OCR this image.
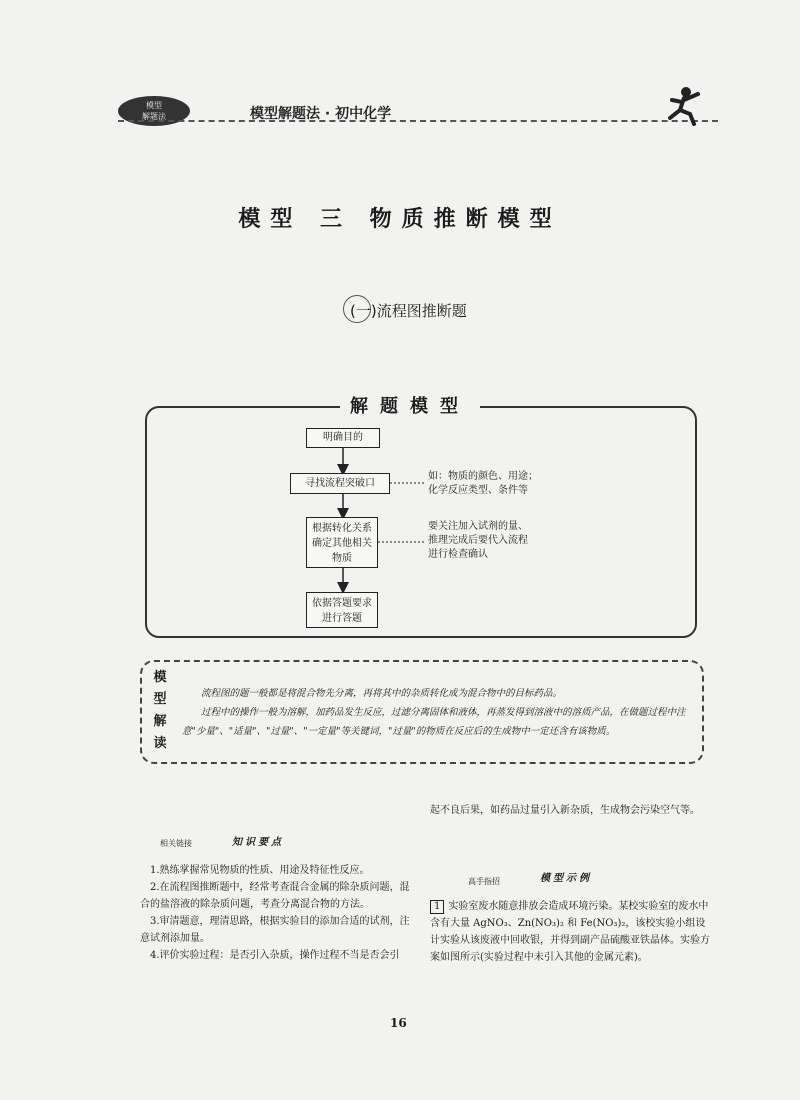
模型
解题法	模型解题法 · 初中化学
模型 三 物质推断模型
(一)流程图推断题
解题模型
明确目的
寻找流程突破口
根据转化关系确定其他相关物质
依据答题要求进行答题
如：物质的颜色、用途；
化学反应类型、条件等
要关注加入试剂的量、
推理完成后要代入流程
进行检查确认
模
型
解
读
流程图的题一般都是将混合物先分离，再将其中的杂质转化成为混合物中的目标药品。
过程中的操作一般为溶解，加药品发生反应，过滤分离固体和液体，再蒸发得到溶液中的溶质产品，在做题过程中注意"少量"、"适量"、"过量"、"一定量"等关键词，"过量"的物质在反应后的生成物中一定还含有该物质。
相关链接	知识要点
1.熟练掌握常见物质的性质、用途及特征性反应。
2.在流程图推断题中，经常考查混合金属的除杂质问题，混合的盐溶液的除杂质问题，考查分离混合物的方法。
3.审清题意，理清思路，根据实验目的添加合适的试剂，注意试剂添加量。
4.评价实验过程：是否引入杂质，操作过程不当是否会引
起不良后果，如药品过量引入新杂质，生成物会污染空气等。
高手指招	模型示例
1 实验室废水随意排放会造成环境污染。某校实验室的废水中含有大量 AgNO₃、Zn(NO₃)₂ 和 Fe(NO₃)₂，该校实验小组设计实验从该废液中回收银，并得到副产品硫酸亚铁晶体。实验方案如图所示(实验过程中未引入其他的金属元素)。
16
